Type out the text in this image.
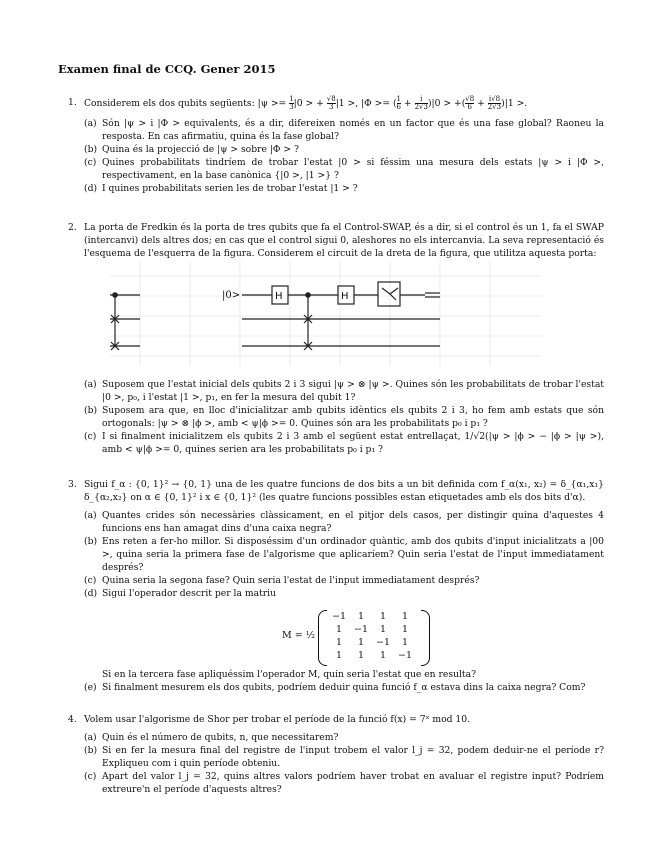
Examen final de CCQ. Gener 2015
1. Considerem els dos qubits següents: $|\psi >= \frac{1}{3} |0$ > + $\frac{√8}{3} |1$ >, |Φ >= ( $\frac{1}{6} + \frac{i}{2√3} )|0$ > +( $\frac{√8}{6} + \frac{i√8}{2√3} )|1$ >.
(a) Són |ψ > i |Φ > equivalents, és a dir, difereixen només en un factor que és una fase global? Raoneu la resposta. En cas afirmatiu, quina és la fase global?
(b) Quina és la projecció de |ψ > sobre |Φ > ?
(c) Quines probabilitats tindríem de trobar l'estat |0 > si féssim una mesura dels estats |ψ > i |Φ >, respectivament, en la base canònica {|0 >, |1 >} ?
(d) I quines probabilitats serien les de trobar l'estat |1 > ?
2. La porta de Fredkin és la porta de tres qubits que fa el Control-SWAP, és a dir, si el control és un 1, fa el SWAP (intercanvi) dels altres dos; en cas que el control sigui 0, aleshores no els intercanvia. La seva representació és l'esquema de l'esquerra de la figura. Considerem el circuit de la dreta de la figura, que utilitza aquesta porta:
|0>	H	H
(a) Suposem que l'estat inicial dels qubits 2 i 3 sigui |ψ > ⊗ |ψ >. Quines són les probabilitats de trobar l'estat |0 >, p₀, i l'estat |1 >, p₁, en fer la mesura del qubit 1?
(b) Suposem ara que, en lloc d'inicialitzar amb qubits idèntics els qubits 2 i 3, ho fem amb estats que són ortogonals: |ψ > ⊗ |ϕ >, amb < ψ|ϕ >= 0. Quines són ara les probabilitats p₀ i p₁ ?
(c) I si finalment inicialitzem els qubits 2 i 3 amb el següent estat entrellaçat, 1/√2(|ψ > |ϕ > − |ϕ > |ψ >), amb < ψ|ϕ >= 0, quines serien ara les probabilitats p₀ i p₁ ?
3. Sigui f_α : {0, 1}² → {0, 1} una de les quatre funcions de dos bits a un bit definida com f_α(x₁, x₂) = δ_{α₁,x₁}δ_{α₂,x₂} on α ∈ {0, 1}² i x ∈ {0, 1}² (les quatre funcions possibles estan etiquetades amb els dos bits d'α).
(a) Quantes crides són necessàries clàssicament, en el pitjor dels casos, per distingir quina d'aquestes 4 funcions ens han amagat dins d'una caixa negra?
(b) Ens reten a fer-ho millor. Si disposéssim d'un ordinador quàntic, amb dos qubits d'input inicialitzats a |00 >, quina seria la primera fase de l'algorisme que aplicaríem? Quin seria l'estat de l'input immediatament després?
(c) Quina seria la segona fase? Quin seria l'estat de l'input immediatament després?
(d) Sigui l'operador descrit per la matriu
M = ½
−1	1	1	1
1	−1	1	1
1	1	−1	1
1	1	1	−1
Si en la tercera fase apliquéssim l'operador M, quin seria l'estat que en resulta?
(e) Si finalment mesurem els dos qubits, podríem deduir quina funció f_α estava dins la caixa negra? Com?
4. Volem usar l'algorisme de Shor per trobar el període de la funció f(x) = 7ˣ mod 10.
(a) Quin és el número de qubits, n, que necessitarem?
(b) Si en fer la mesura final del registre de l'input trobem el valor l_j = 32, podem deduir-ne el període r? Expliqueu com i quin període obteniu.
(c) Apart del valor l_j = 32, quins altres valors podríem haver trobat en avaluar el registre input? Podríem extreure'n el període d'aquests altres?
